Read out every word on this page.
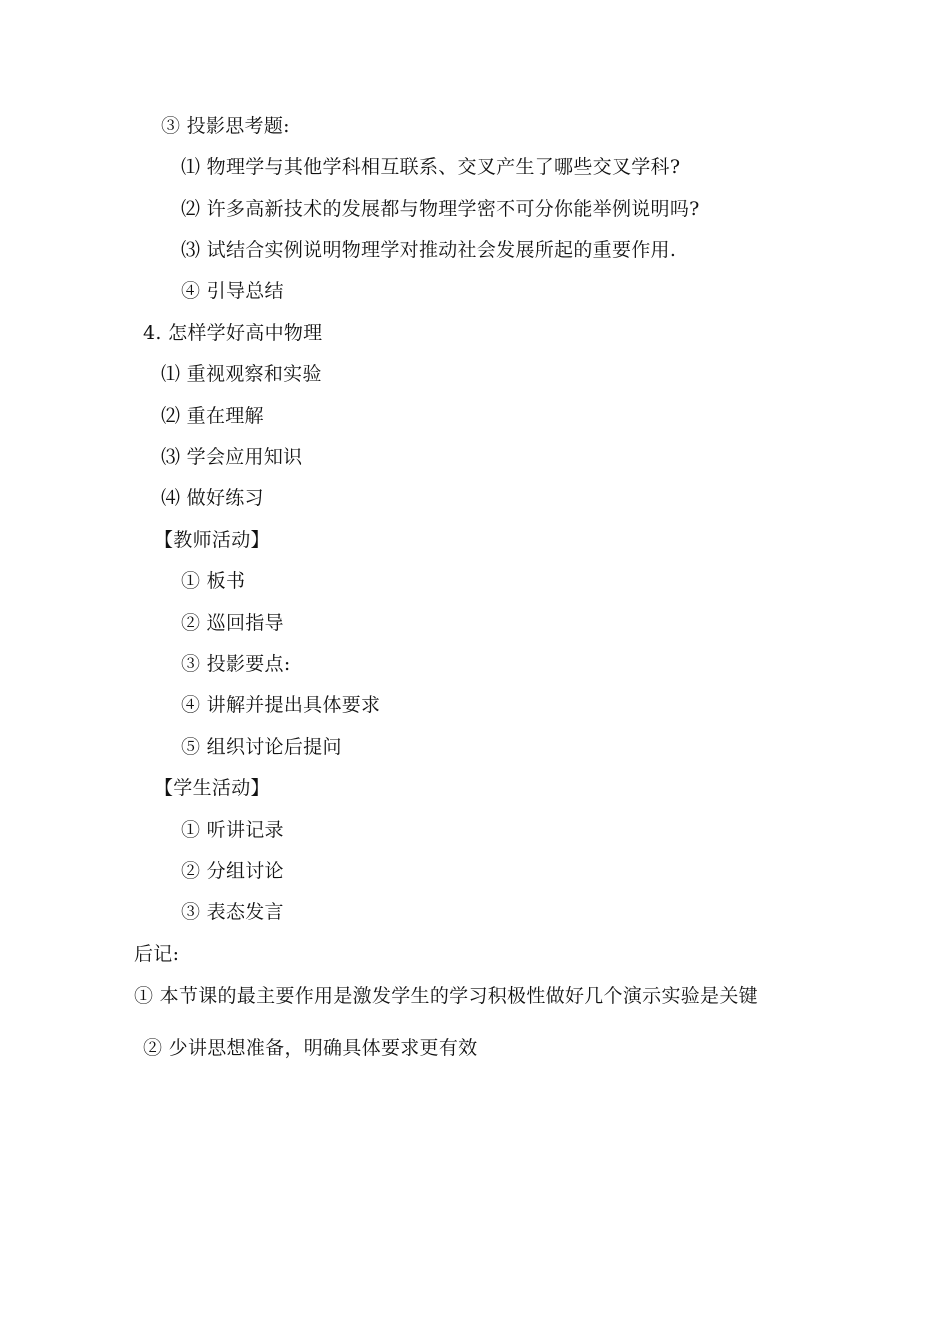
③ 投影思考题:
⑴ 物理学与其他学科相互联系、交叉产生了哪些交叉学科?
⑵ 许多高新技术的发展都与物理学密不可分你能举例说明吗?
⑶ 试结合实例说明物理学对推动社会发展所起的重要作用.
④ 引导总结
4. 怎样学好高中物理
⑴ 重视观察和实验
⑵ 重在理解
⑶ 学会应用知识
⑷ 做好练习
【教师活动】
① 板书
② 巡回指导
③ 投影要点:
④ 讲解并提出具体要求
⑤ 组织讨论后提问
【学生活动】
① 听讲记录
② 分组讨论
③ 表态发言
后记:
① 本节课的最主要作用是激发学生的学习积极性做好几个演示实验是关键
② 少讲思想准备，明确具体要求更有效
